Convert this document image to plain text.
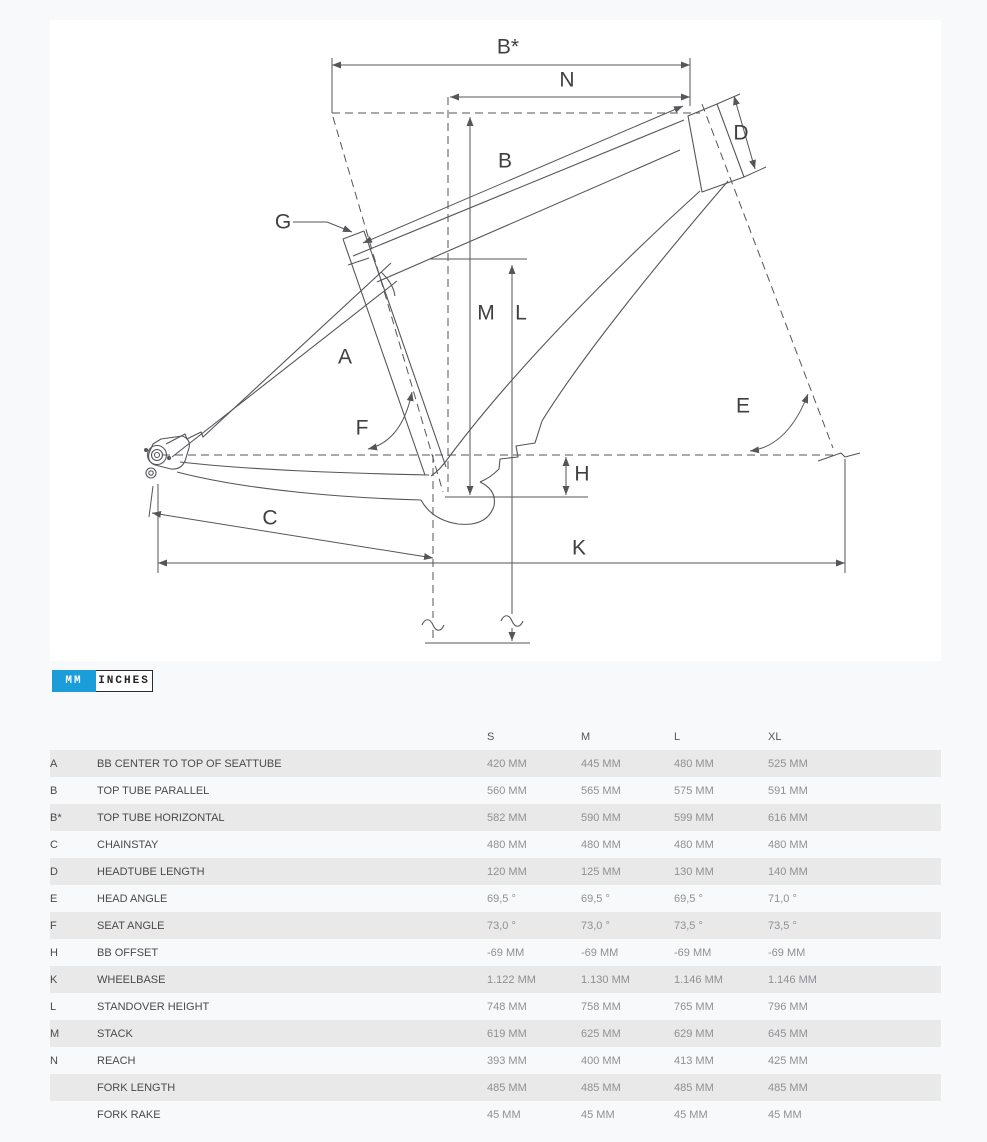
B*
N
B
D
G
M L
A
F
E
H
C
K
MM	INCHES
		S	M	L	XL
A	BB CENTER TO TOP OF SEATTUBE	420 MM	445 MM	480 MM	525 MM
B	TOP TUBE PARALLEL	560 MM	565 MM	575 MM	591 MM
B*	TOP TUBE HORIZONTAL	582 MM	590 MM	599 MM	616 MM
C	CHAINSTAY	480 MM	480 MM	480 MM	480 MM
D	HEADTUBE LENGTH	120 MM	125 MM	130 MM	140 MM
E	HEAD ANGLE	69,5 °	69,5 °	69,5 °	71,0 °
F	SEAT ANGLE	73,0 °	73,0 °	73,5 °	73,5 °
H	BB OFFSET	-69 MM	-69 MM	-69 MM	-69 MM
K	WHEELBASE	1.122 MM	1.130 MM	1.146 MM	1.146 MM
L	STANDOVER HEIGHT	748 MM	758 MM	765 MM	796 MM
M	STACK	619 MM	625 MM	629 MM	645 MM
N	REACH	393 MM	400 MM	413 MM	425 MM
	FORK LENGTH	485 MM	485 MM	485 MM	485 MM
	FORK RAKE	45 MM	45 MM	45 MM	45 MM
